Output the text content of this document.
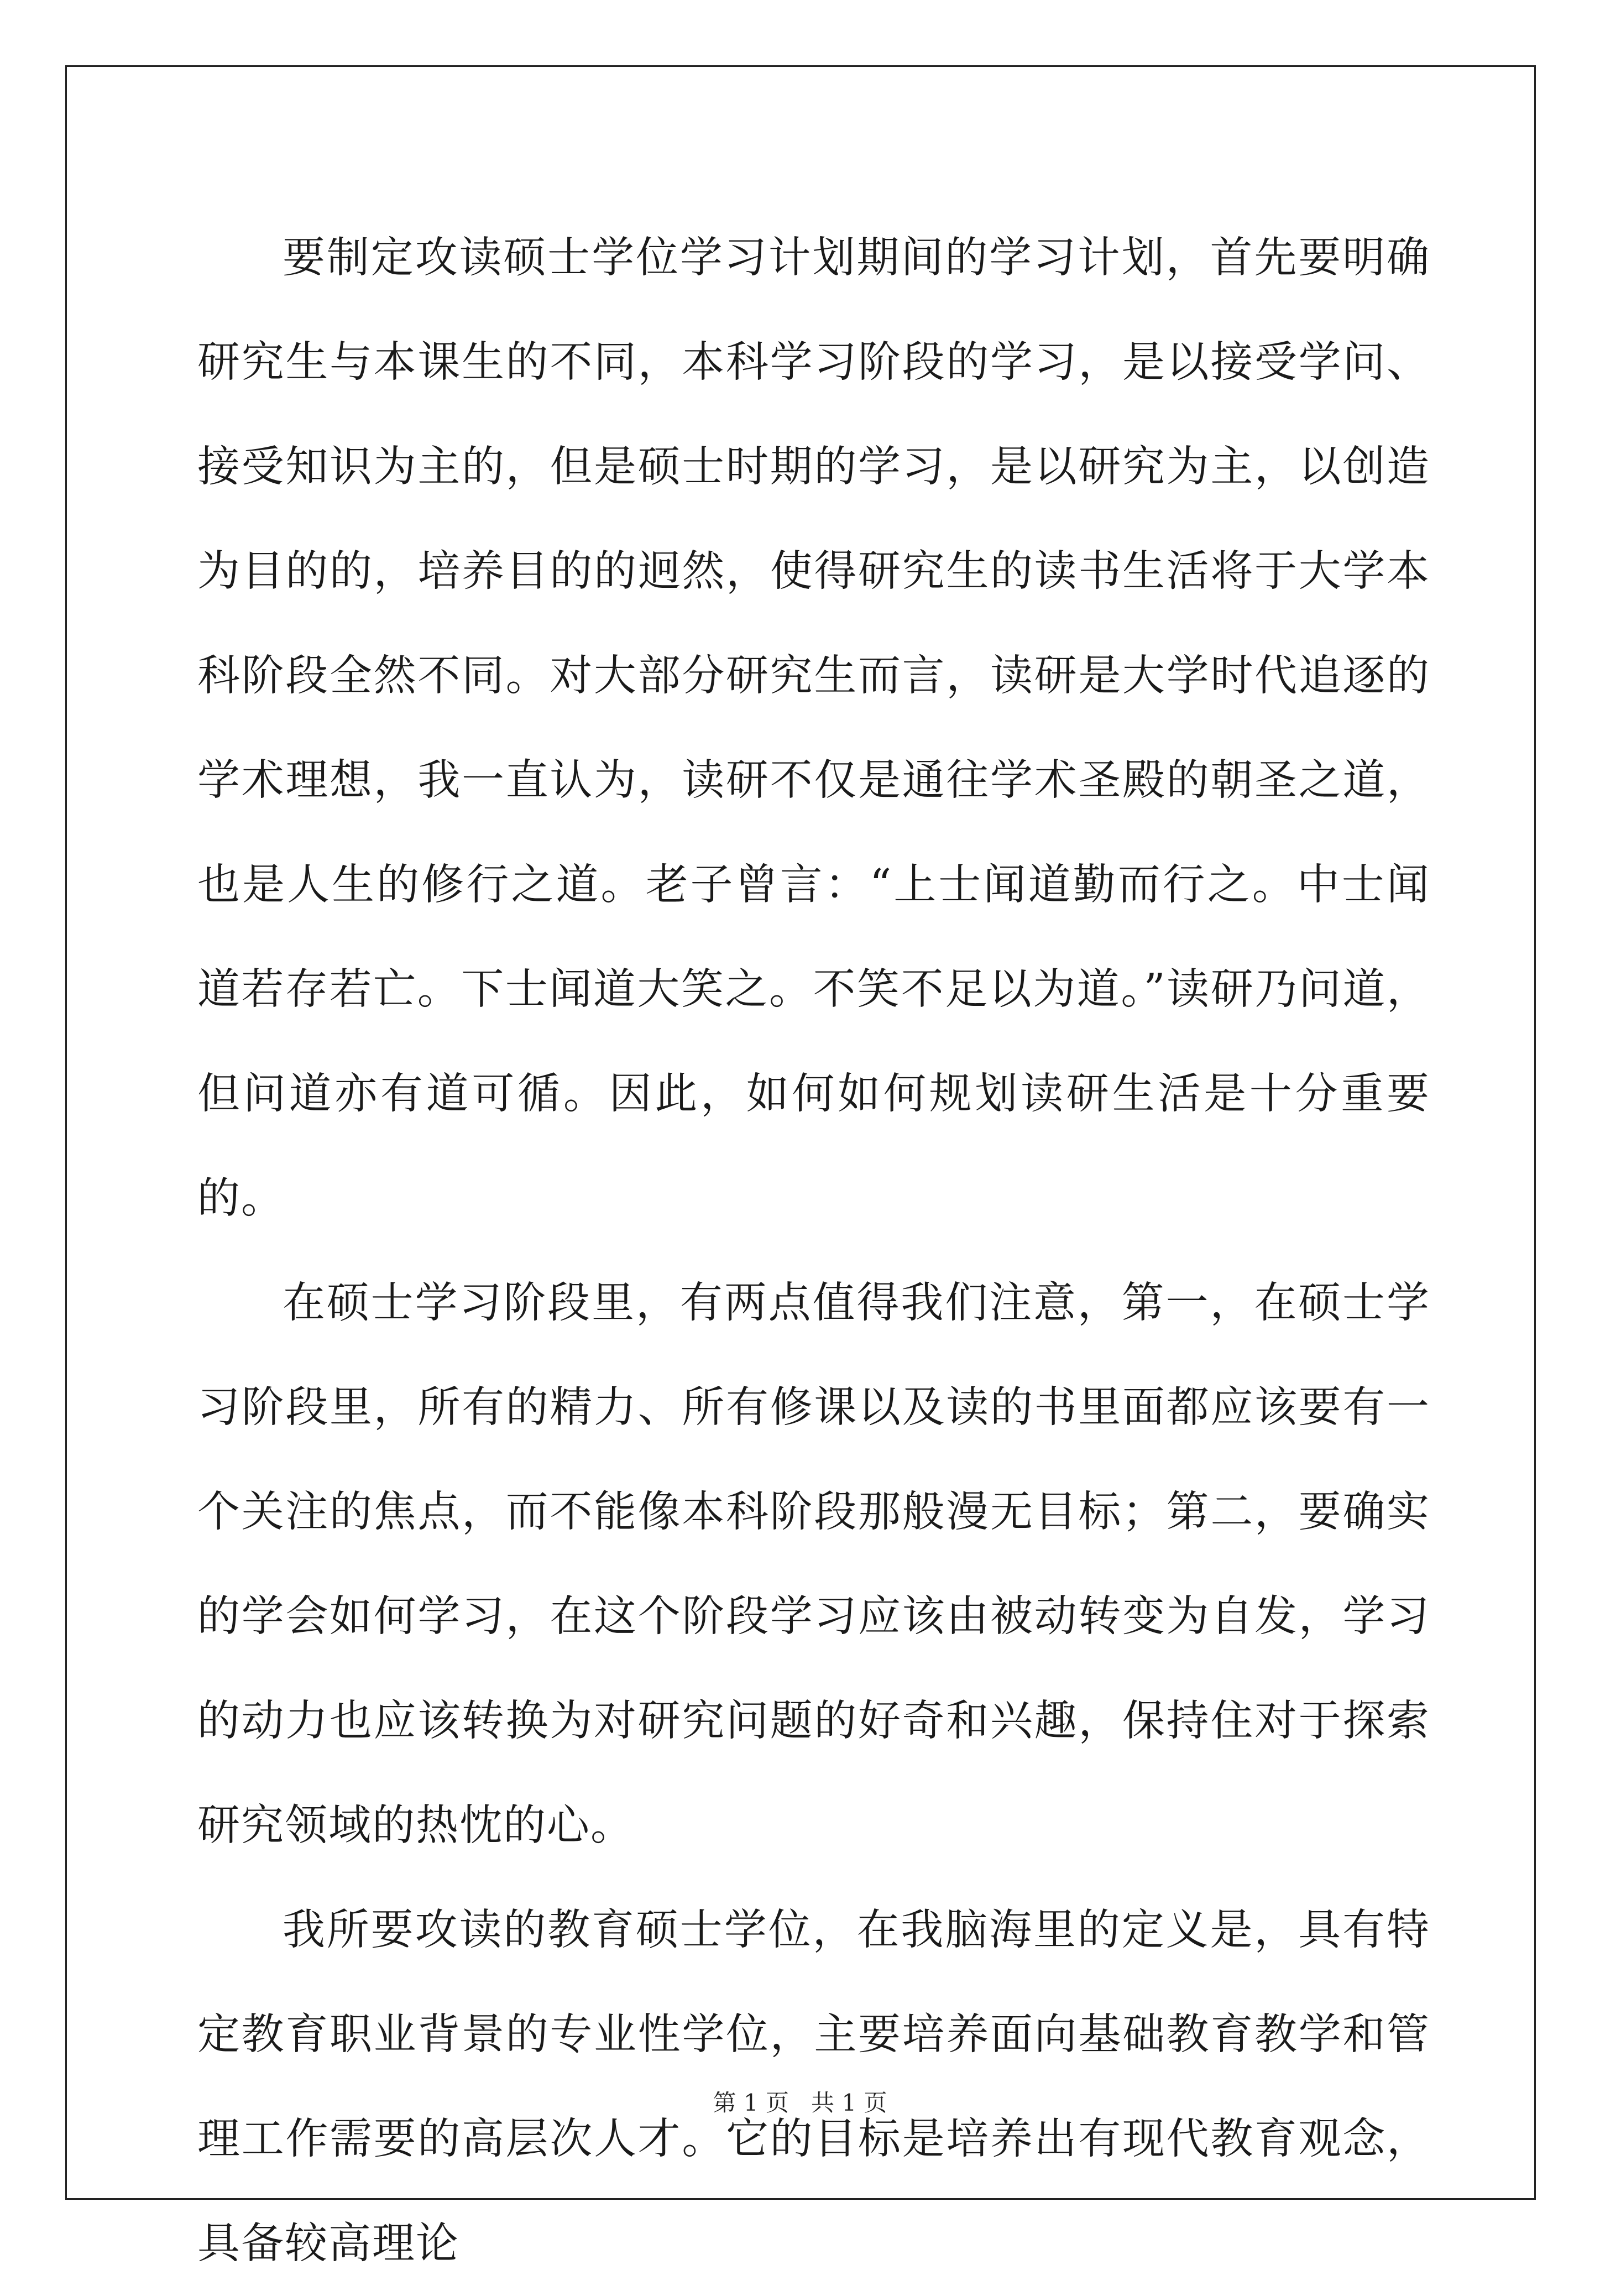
要制定攻读硕士学位学习计划期间的学习计划，首先要明确研究生与本课生的不同，本科学习阶段的学习，是以接受学问、接受知识为主的，但是硕士时期的学习，是以研究为主，以创造为目的的，培养目的的迥然，使得研究生的读书生活将于大学本科阶段全然不同。对大部分研究生而言，读研是大学时代追逐的学术理想，我一直认为，读研不仅是通往学术圣殿的朝圣之道，也是人生的修行之道。老子曾言：“上士闻道勤而行之。中士闻道若存若亡。下士闻道大笑之。不笑不足以为道。”读研乃问道，但问道亦有道可循。因此，如何如何规划读研生活是十分重要的。

在硕士学习阶段里，有两点值得我们注意，第一，在硕士学习阶段里，所有的精力、所有修课以及读的书里面都应该要有一个关注的焦点，而不能像本科阶段那般漫无目标；第二，要确实的学会如何学习，在这个阶段学习应该由被动转变为自发，学习的动力也应该转换为对研究问题的好奇和兴趣，保持住对于探索研究领域的热忱的心。

我所要攻读的教育硕士学位，在我脑海里的定义是，具有特定教育职业背景的专业性学位，主要培养面向基础教育教学和管理工作需要的高层次人才。它的目标是培养出有现代教育观念，具备较高理论

第 1 页   共 1 页
